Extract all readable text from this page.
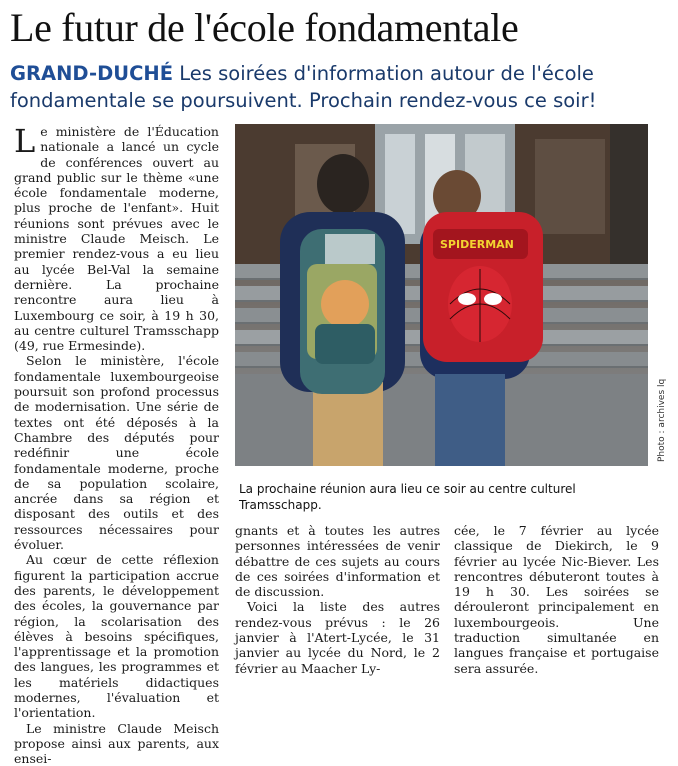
Le futur de l'école fondamentale

GRAND-DUCHÉ Les soirées d'information autour de l'école fondamentale se poursuivent. Prochain rendez-vous ce soir!

Le ministère de l'Éducation nationale a lancé un cycle de conférences ouvert au grand public sur le thème «une école fondamentale moderne, plus proche de l'enfant». Huit réunions sont prévues avec le ministre Claude Meisch. Le premier rendez-vous a eu lieu au lycée Bel-Val la semaine dernière. La prochaine rencontre aura lieu à Luxembourg ce soir, à 19 h 30, au centre culturel Tramsschapp (49, rue Ermesinde).

Selon le ministère, l'école fondamentale luxembourgeoise poursuit son profond processus de modernisation. Une série de textes ont été déposés à la Chambre des députés pour redéfinir une école fondamentale moderne, proche de sa population scolaire, ancrée dans sa région et disposant des outils et des ressources nécessaires pour évoluer.

Au cœur de cette réflexion figurent la participation accrue des parents, le développement des écoles, la gouvernance par région, la scolarisation des élèves à besoins spécifiques, l'apprentissage et la promotion des langues, les programmes et les matériels didactiques modernes, l'évaluation et l'orientation.

Le ministre Claude Meisch propose ainsi aux parents, aux ensei-

SPIDERMAN
Photo : archives lq
La prochaine réunion aura lieu ce soir au centre culturel Tramsschapp.

gnants et à toutes les autres personnes intéressées de venir débattre de ces sujets au cours de ces soirées d'information et de discussion.

Voici la liste des autres rendez-vous prévus : le 26 janvier à l'Atert-Lycée, le 31 janvier au lycée du Nord, le 2 février au Maacher Ly-

cée, le 7 février au lycée classique de Diekirch, le 9 février au lycée Nic-Biever. Les rencontres débuteront toutes à 19 h 30. Les soirées se dérouleront principalement en luxembourgeois. Une traduction simultanée en langues française et portugaise sera assurée.
